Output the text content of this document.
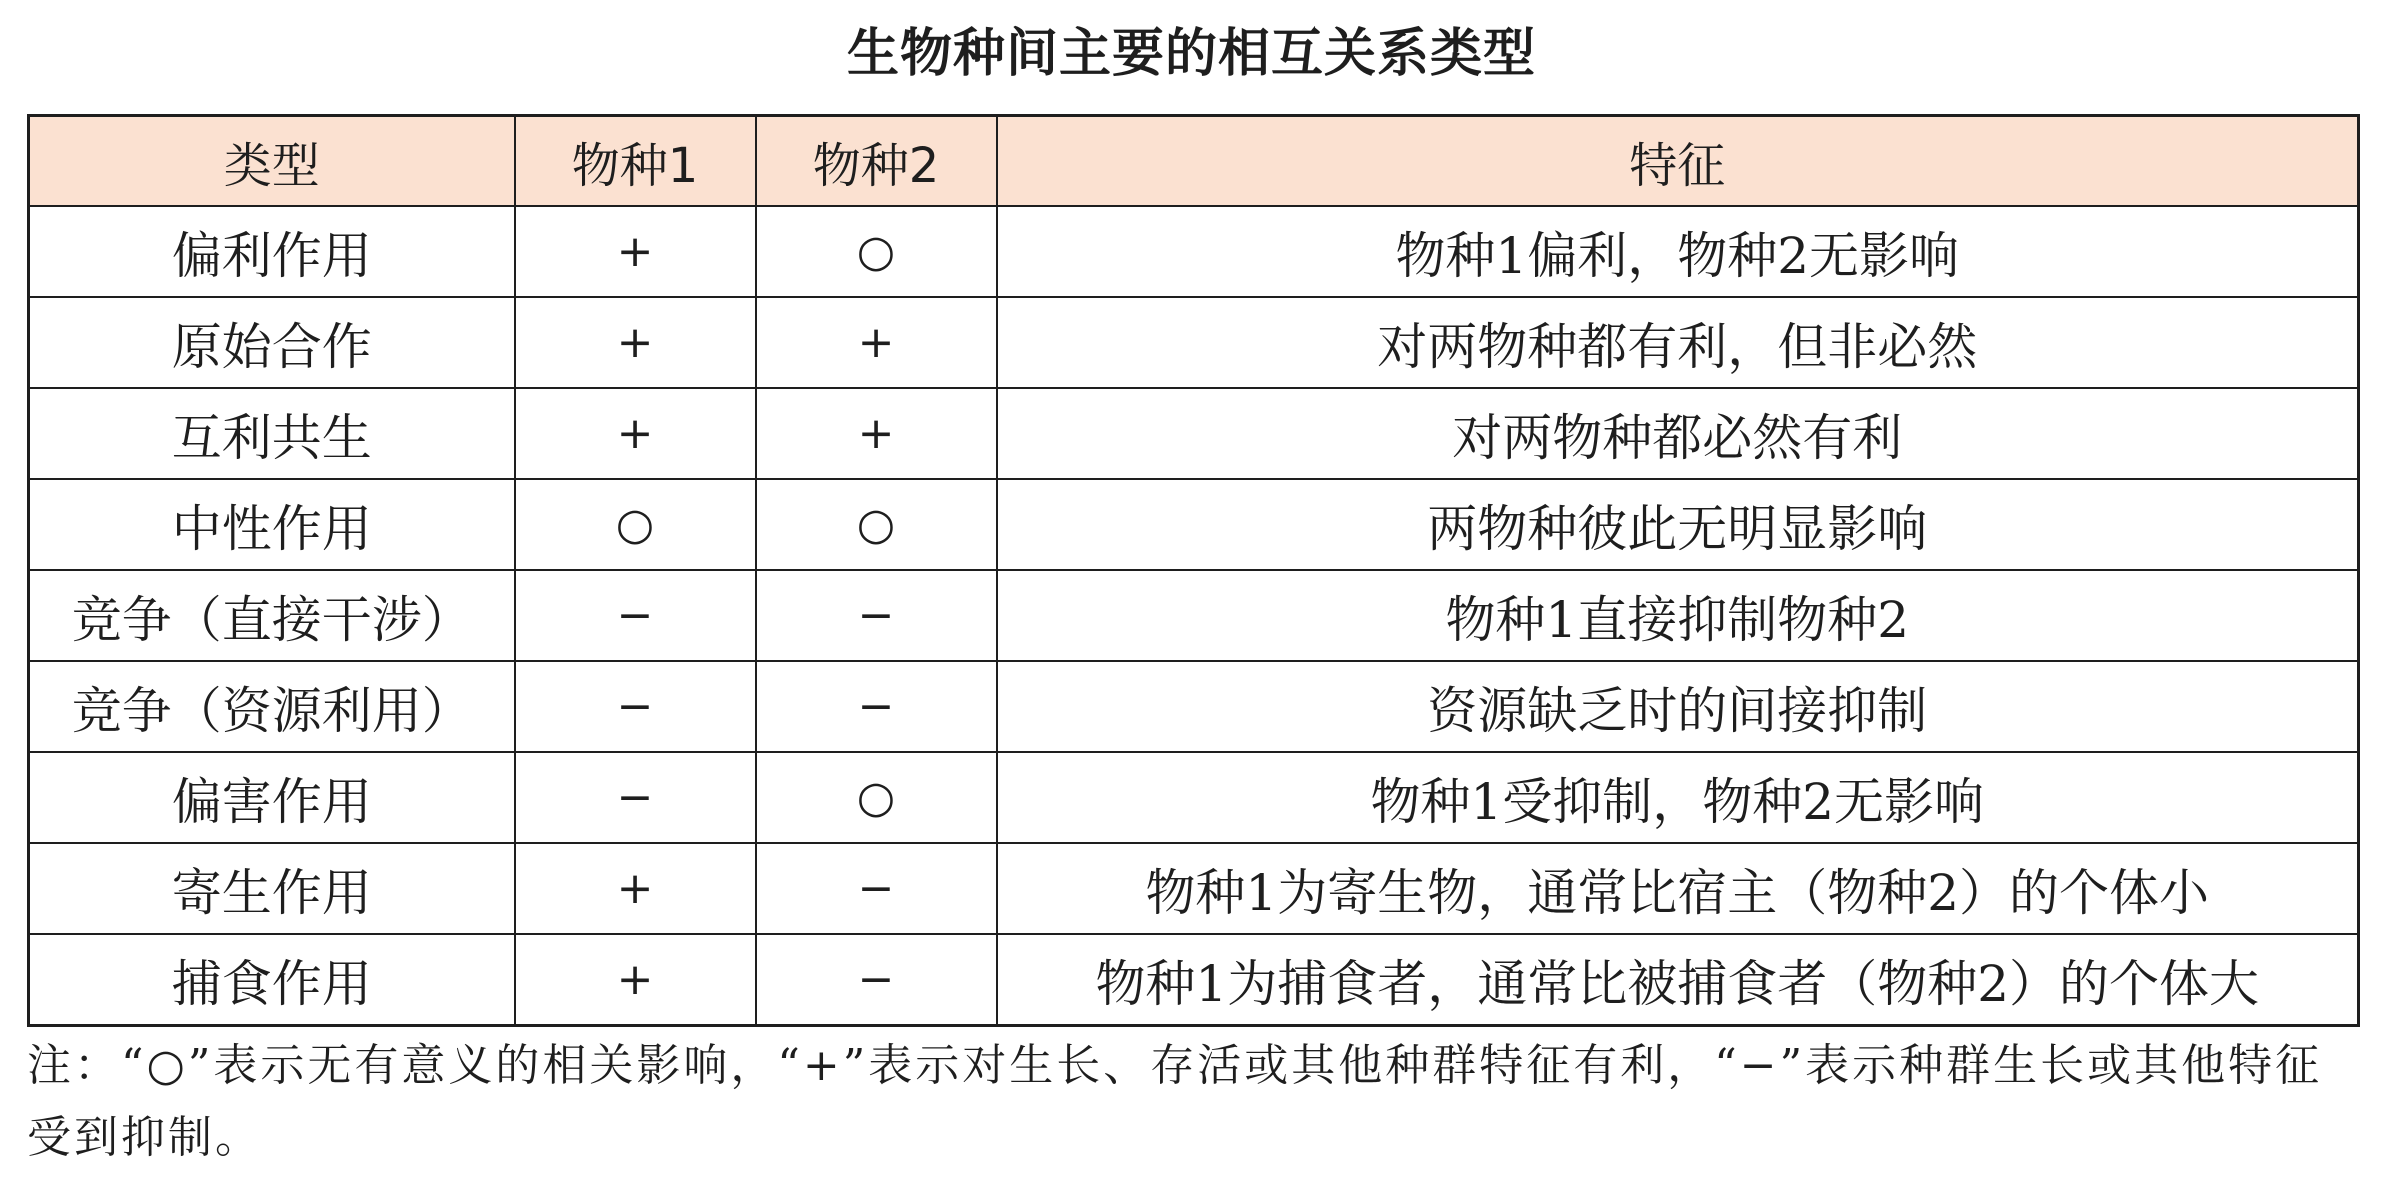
生物种间主要的相互关系类型
类型	物种1	物种2	特征
偏利作用	+	○	物种1偏利，物种2无影响
原始合作	+	+	对两物种都有利，但非必然
互利共生	+	+	对两物种都必然有利
中性作用	○	○	两物种彼此无明显影响
竞争（直接干涉）	−	−	物种1直接抑制物种2
竞争（资源利用）	−	−	资源缺乏时的间接抑制
偏害作用	−	○	物种1受抑制，物种2无影响
寄生作用	+	−	物种1为寄生物，通常比宿主（物种2）的个体小
捕食作用	+	−	物种1为捕食者，通常比被捕食者（物种2）的个体大
注：“○”表示无有意义的相关影响，“+”表示对生长、存活或其他种群特征有利，“−”表示种群生长或其他特征受到抑制。
